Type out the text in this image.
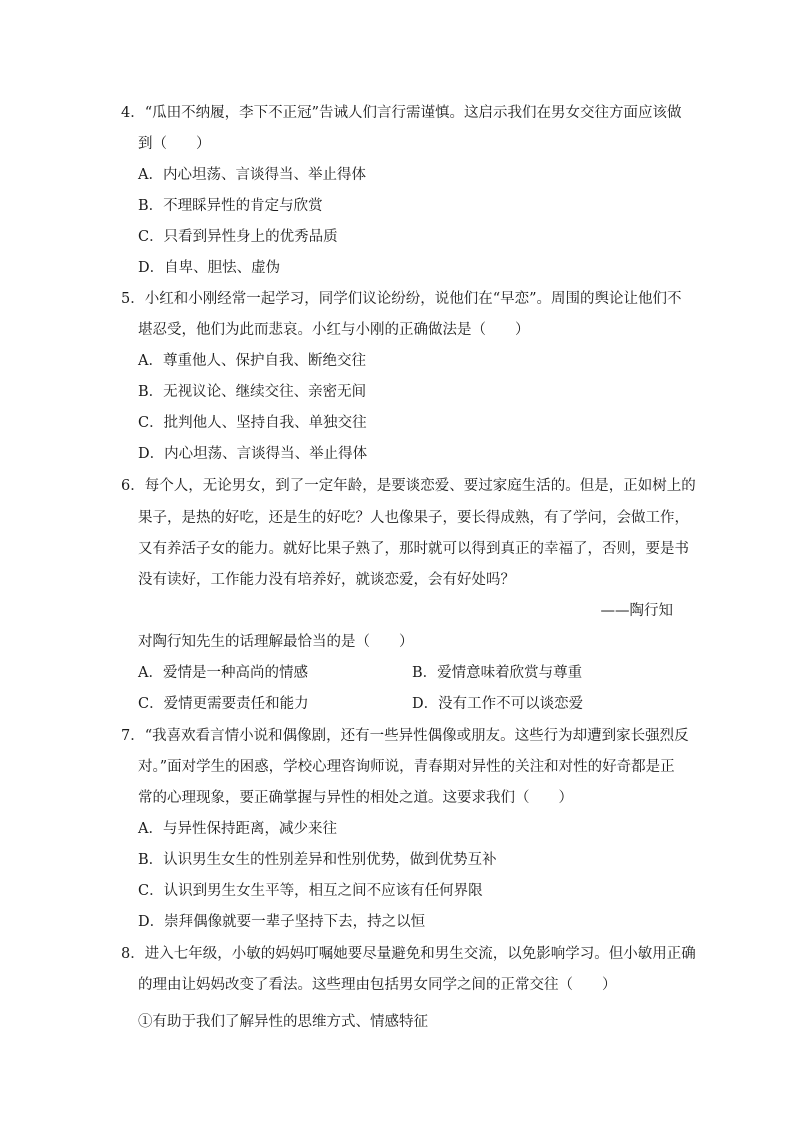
4．“瓜田不纳履，李下不正冠”告诫人们言行需谨慎。这启示我们在男女交往方面应该做
到（　　）
A．内心坦荡、言谈得当、举止得体
B．不理睬异性的肯定与欣赏
C．只看到异性身上的优秀品质
D．自卑、胆怯、虚伪
5．小红和小刚经常一起学习，同学们议论纷纷，说他们在“早恋”。周围的舆论让他们不
堪忍受，他们为此而悲哀。小红与小刚的正确做法是（　　）
A．尊重他人、保护自我、断绝交往
B．无视议论、继续交往、亲密无间
C．批判他人、坚持自我、单独交往
D．内心坦荡、言谈得当、举止得体
6．每个人，无论男女，到了一定年龄，是要谈恋爱、要过家庭生活的。但是，正如树上的
果子，是热的好吃，还是生的好吃？人也像果子，要长得成熟，有了学问，会做工作，
又有养活子女的能力。就好比果子熟了，那时就可以得到真正的幸福了，否则，要是书
没有读好，工作能力没有培养好，就谈恋爱，会有好处吗？
——陶行知
对陶行知先生的话理解最恰当的是（　　）
A．爱情是一种高尚的情感	B．爱情意味着欣赏与尊重
C．爱情更需要责任和能力	D．没有工作不可以谈恋爱
7．“我喜欢看言情小说和偶像剧，还有一些异性偶像或朋友。这些行为却遭到家长强烈反
对。”面对学生的困惑，学校心理咨询师说，青春期对异性的关注和对性的好奇都是正
常的心理现象，要正确掌握与异性的相处之道。这要求我们（　　）
A．与异性保持距离，减少来往
B．认识男生女生的性别差异和性别优势，做到优势互补
C．认识到男生女生平等，相互之间不应该有任何界限
D．崇拜偶像就要一辈子坚持下去，持之以恒
8．进入七年级，小敏的妈妈叮嘱她要尽量避免和男生交流，以免影响学习。但小敏用正确
的理由让妈妈改变了看法。这些理由包括男女同学之间的正常交往（　　）
①有助于我们了解异性的思维方式、情感特征
